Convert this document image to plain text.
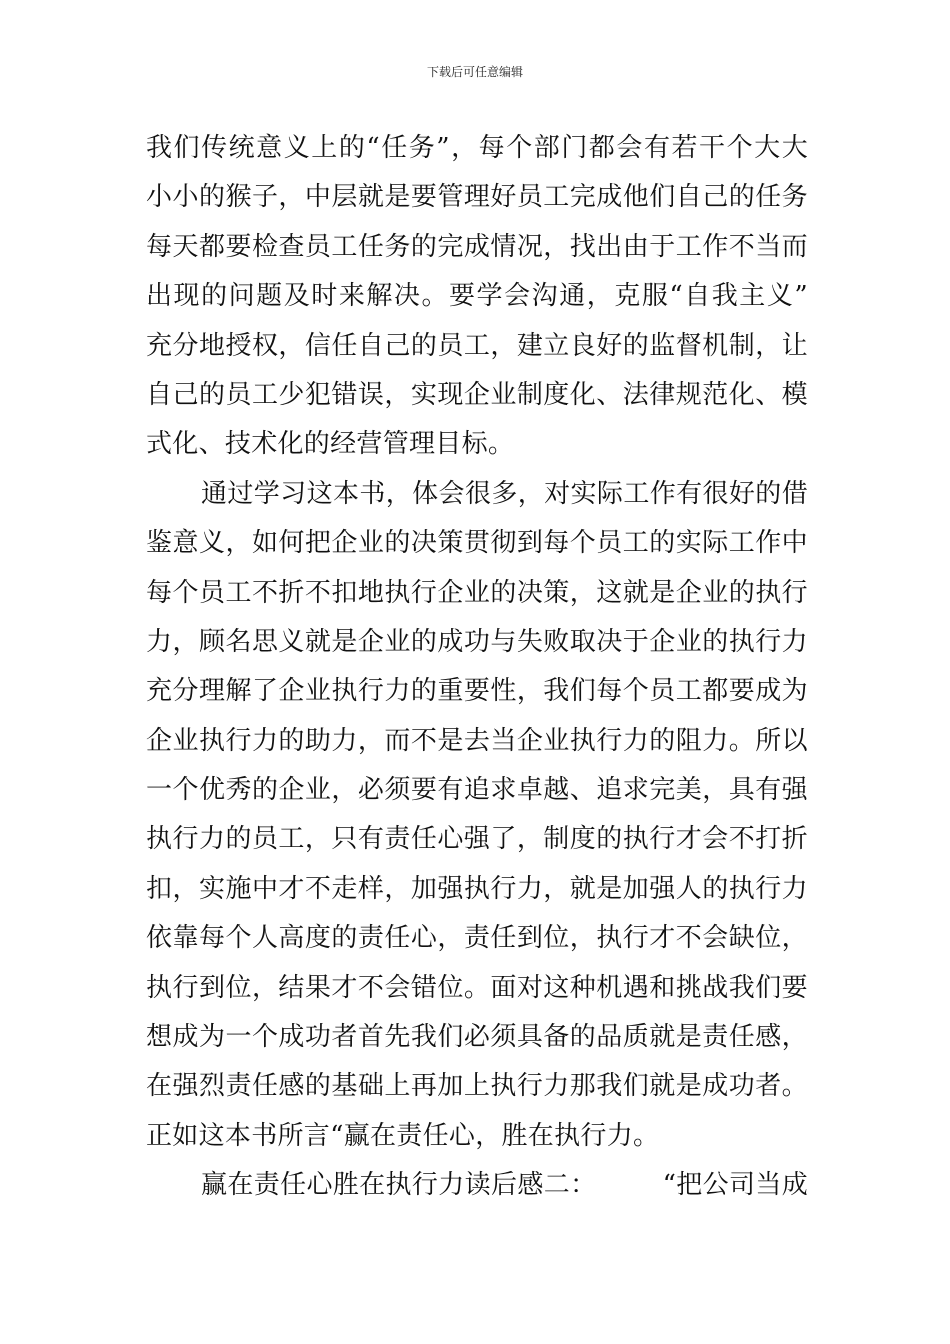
下载后可任意编辑
我们传统意义上的“任务”，每个部门都会有若干个大大
小小的猴子，中层就是要管理好员工完成他们自己的任务
每天都要检查员工任务的完成情况，找出由于工作不当而
出现的问题及时来解决。要学会沟通，克服“自我主义”
充分地授权，信任自己的员工，建立良好的监督机制，让
自己的员工少犯错误，实现企业制度化、法律规范化、模
式化、技术化的经营管理目标。
通过学习这本书，体会很多，对实际工作有很好的借
鉴意义，如何把企业的决策贯彻到每个员工的实际工作中
每个员工不折不扣地执行企业的决策，这就是企业的执行
力，顾名思义就是企业的成功与失败取决于企业的执行力
充分理解了企业执行力的重要性，我们每个员工都要成为
企业执行力的助力，而不是去当企业执行力的阻力。所以
一个优秀的企业，必须要有追求卓越、追求完美，具有强
执行力的员工，只有责任心强了，制度的执行才会不打折
扣，实施中才不走样，加强执行力，就是加强人的执行力
依靠每个人高度的责任心，责任到位，执行才不会缺位，
执行到位，结果才不会错位。面对这种机遇和挑战我们要
想成为一个成功者首先我们必须具备的品质就是责任感，
在强烈责任感的基础上再加上执行力那我们就是成功者。
正如这本书所言“赢在责任心，胜在执行力。
赢在责任心胜在执行力读后感二：　　　“把公司当成
